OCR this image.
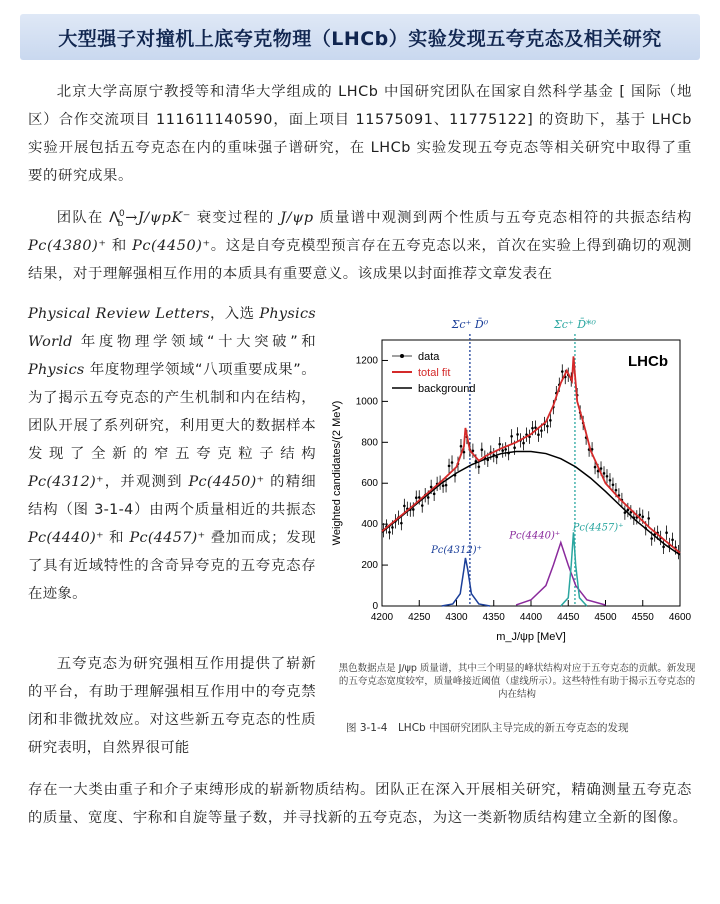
大型强子对撞机上底夸克物理（LHCb）实验发现五夸克态及相关研究

北京大学高原宁教授等和清华大学组成的 LHCb 中国研究团队在国家自然科学基金 [ 国际（地区）合作交流项目 111611140590，面上项目 11575091、11775122] 的资助下，基于 LHCb 实验开展包括五夸克态在内的重味强子谱研究，在 LHCb 实验发现五夸克态等相关研究中取得了重要的研究成果。

团队在 $\Lambda_b^0\to J/\psi pK^-$ 衰变过程的 J/ψp 质量谱中观测到两个性质与五夸克态相符的共振态结构 Pc(4380)⁺ 和 Pc(4450)⁺。这是自夸克模型预言存在五夸克态以来，首次在实验上得到确切的观测结果，对于理解强相互作用的本质具有重要意义。该成果以封面推荐文章发表在

Physical Review Letters，入选 Physics World 年度物理学领域“十大突破”和 Physics 年度物理学领域“八项重要成果”。为了揭示五夸克态的产生机制和内在结构，团队开展了系列研究，利用更大的数据样本发现了全新的窄五夸克粒子结构 Pc(4312)⁺，并观测到 Pc(4450)⁺ 的精细结构（图 3-1-4）由两个质量相近的共振态 Pc(4440)⁺ 和 Pc(4457)⁺ 叠加而成；发现了具有近域特性的含奇异夸克的五夸克态存在迹象。

五夸克态为研究强相互作用提供了崭新的平台，有助于理解强相互作用中的夸克禁闭和非微扰效应。对这些新五夸克态的性质研究表明，自然界很可能

存在一大类由重子和介子束缚形成的崭新物质结构。团队正在深入开展相关研究，精确测量五夸克态的质量、宽度、宇称和自旋等量子数，并寻找新的五夸克态，为这一类新物质结构建立全新的图像。

4200 4250 4300 4350 4400 4450 4500 4550 4600
0
200
400
600
800
1000
1200
m_J/ψp [MeV]
Weighted candidates/(2 MeV)
Σc⁺ D̄⁰	Σc⁺ D̄*⁰
Pc(4312)⁺
Pc(4440)⁺
Pc(4457)⁺
data
total fit
background
LHCb
黑色数据点是 J/ψp 质量谱，其中三个明显的峰状结构对应于五夸克态的贡献。新发现的五夸克态宽度较窄，质量峰接近阈值（虚线所示）。这些特性有助于揭示五夸克态的内在结构
图 3-1-4　LHCb 中国研究团队主导完成的新五夸克态的发现
